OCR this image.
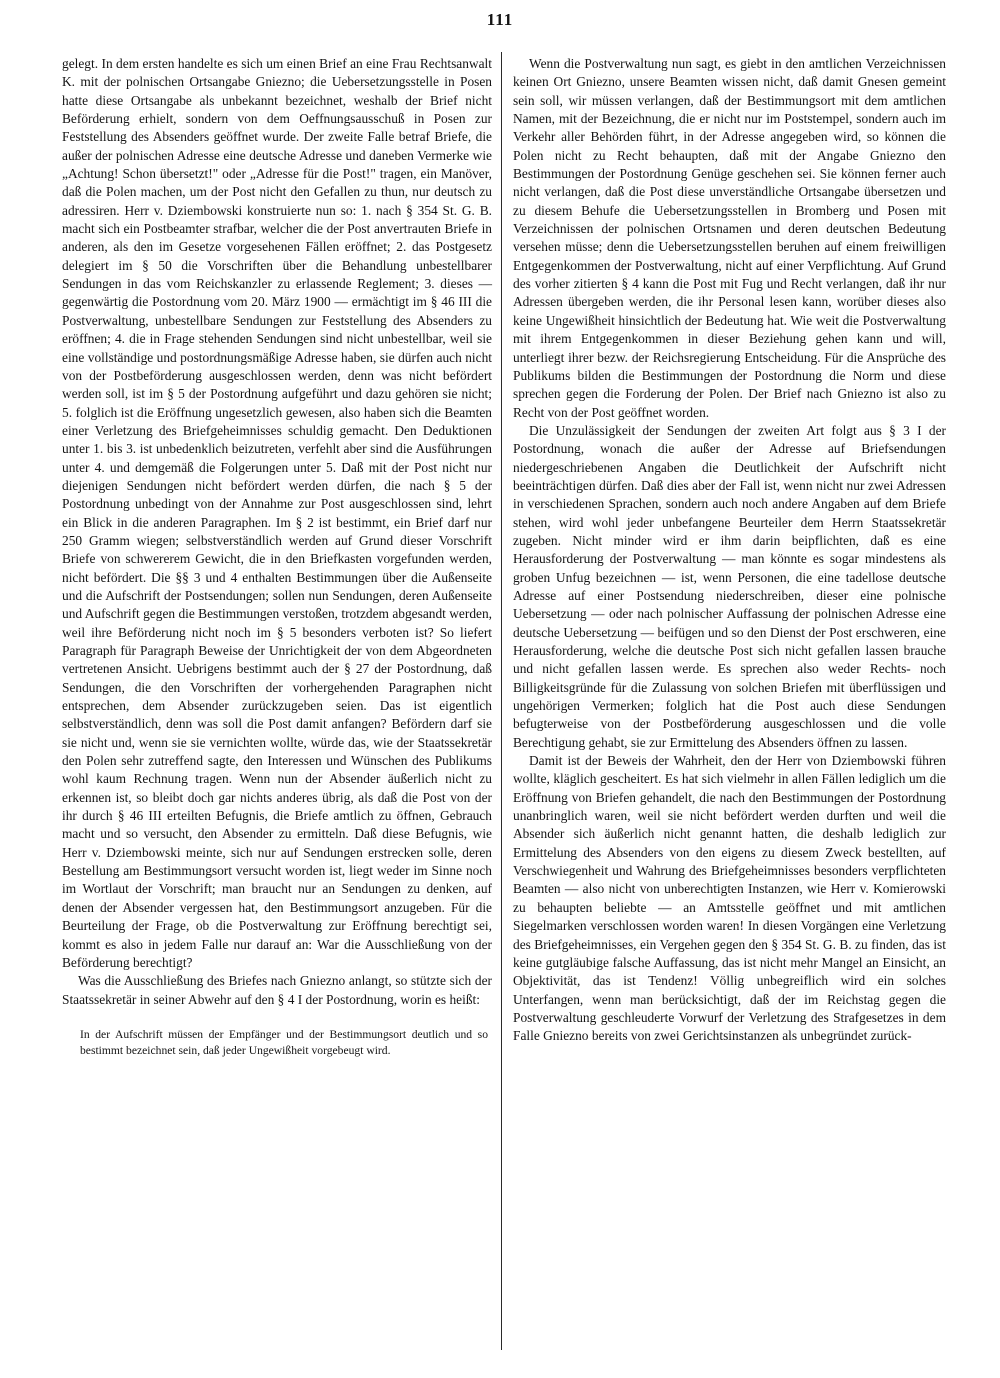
111

gelegt. In dem ersten handelte es sich um einen Brief an eine Frau Rechtsanwalt K. mit der polnischen Ortsangabe Gniezno; die Uebersetzungsstelle in Posen hatte diese Ortsangabe als unbekannt bezeichnet, weshalb der Brief nicht Beförderung erhielt, sondern von dem Oeffnungsausschuß in Posen zur Feststellung des Absenders geöffnet wurde. Der zweite Falle betraf Briefe, die außer der polnischen Adresse eine deutsche Adresse und daneben Vermerke wie „Achtung! Schon übersetzt!" oder „Adresse für die Post!" tragen, ein Manöver, daß die Polen machen, um der Post nicht den Gefallen zu thun, nur deutsch zu adressiren. Herr v. Dziembowski konstruierte nun so: 1. nach § 354 St. G. B. macht sich ein Postbeamter strafbar, welcher die der Post anvertrauten Briefe in anderen, als den im Gesetze vorgesehenen Fällen eröffnet; 2. das Postgesetz delegiert im § 50 die Vorschriften über die Behandlung unbestellbarer Sendungen in das vom Reichskanzler zu erlassende Reglement; 3. dieses — gegenwärtig die Postordnung vom 20. März 1900 — ermächtigt im § 46 III die Postverwaltung, unbestellbare Sendungen zur Feststellung des Absenders zu eröffnen; 4. die in Frage stehenden Sendungen sind nicht unbestellbar, weil sie eine vollständige und postordnungsmäßige Adresse haben, sie dürfen auch nicht von der Postbeförderung ausgeschlossen werden, denn was nicht befördert werden soll, ist im § 5 der Postordnung aufgeführt und dazu gehören sie nicht; 5. folglich ist die Eröffnung ungesetzlich gewesen, also haben sich die Beamten einer Verletzung des Briefgeheimnisses schuldig gemacht. Den Deduktionen unter 1. bis 3. ist unbedenklich beizutreten, verfehlt aber sind die Ausführungen unter 4. und demgemäß die Folgerungen unter 5. Daß mit der Post nicht nur diejenigen Sendungen nicht befördert werden dürfen, die nach § 5 der Postordnung unbedingt von der Annahme zur Post ausgeschlossen sind, lehrt ein Blick in die anderen Paragraphen. Im § 2 ist bestimmt, ein Brief darf nur 250 Gramm wiegen; selbstverständlich werden auf Grund dieser Vorschrift Briefe von schwererem Gewicht, die in den Briefkasten vorgefunden werden, nicht befördert. Die §§ 3 und 4 enthalten Bestimmungen über die Außenseite und die Aufschrift der Postsendungen; sollen nun Sendungen, deren Außenseite und Aufschrift gegen die Bestimmungen verstoßen, trotzdem abgesandt werden, weil ihre Beförderung nicht noch im § 5 besonders verboten ist? So liefert Paragraph für Paragraph Beweise der Unrichtigkeit der von dem Abgeordneten vertretenen Ansicht. Uebrigens bestimmt auch der § 27 der Postordnung, daß Sendungen, die den Vorschriften der vorhergehenden Paragraphen nicht entsprechen, dem Absender zurückzugeben seien. Das ist eigentlich selbstverständlich, denn was soll die Post damit anfangen? Befördern darf sie sie nicht und, wenn sie sie vernichten wollte, würde das, wie der Staatssekretär den Polen sehr zutreffend sagte, den Interessen und Wünschen des Publikums wohl kaum Rechnung tragen. Wenn nun der Absender äußerlich nicht zu erkennen ist, so bleibt doch gar nichts anderes übrig, als daß die Post von der ihr durch § 46 III erteilten Befugnis, die Briefe amtlich zu öffnen, Gebrauch macht und so versucht, den Absender zu ermitteln. Daß diese Befugnis, wie Herr v. Dziembowski meinte, sich nur auf Sendungen erstrecken solle, deren Bestellung am Bestimmungsort versucht worden ist, liegt weder im Sinne noch im Wortlaut der Vorschrift; man braucht nur an Sendungen zu denken, auf denen der Absender vergessen hat, den Bestimmungsort anzugeben. Für die Beurteilung der Frage, ob die Postverwaltung zur Eröffnung berechtigt sei, kommt es also in jedem Falle nur darauf an: War die Ausschließung von der Beförderung berechtigt?

Was die Ausschließung des Briefes nach Gniezno anlangt, so stützte sich der Staatssekretär in seiner Abwehr auf den § 4 I der Postordnung, worin es heißt:

In der Aufschrift müssen der Empfänger und der Bestimmungsort deutlich und so bestimmt bezeichnet sein, daß jeder Ungewißheit vorgebeugt wird.

Wenn die Postverwaltung nun sagt, es giebt in den amtlichen Verzeichnissen keinen Ort Gniezno, unsere Beamten wissen nicht, daß damit Gnesen gemeint sein soll, wir müssen verlangen, daß der Bestimmungsort mit dem amtlichen Namen, mit der Bezeichnung, die er nicht nur im Poststempel, sondern auch im Verkehr aller Behörden führt, in der Adresse angegeben wird, so können die Polen nicht zu Recht behaupten, daß mit der Angabe Gniezno den Bestimmungen der Postordnung Genüge geschehen sei. Sie können ferner auch nicht verlangen, daß die Post diese unverständliche Ortsangabe übersetzen und zu diesem Behufe die Uebersetzungsstellen in Bromberg und Posen mit Verzeichnissen der polnischen Ortsnamen und deren deutschen Bedeutung versehen müsse; denn die Uebersetzungsstellen beruhen auf einem freiwilligen Entgegenkommen der Postverwaltung, nicht auf einer Verpflichtung. Auf Grund des vorher zitierten § 4 kann die Post mit Fug und Recht verlangen, daß ihr nur Adressen übergeben werden, die ihr Personal lesen kann, worüber dieses also keine Ungewißheit hinsichtlich der Bedeutung hat. Wie weit die Postverwaltung mit ihrem Entgegenkommen in dieser Beziehung gehen kann und will, unterliegt ihrer bezw. der Reichsregierung Entscheidung. Für die Ansprüche des Publikums bilden die Bestimmungen der Postordnung die Norm und diese sprechen gegen die Forderung der Polen. Der Brief nach Gniezno ist also zu Recht von der Post geöffnet worden.

Die Unzulässigkeit der Sendungen der zweiten Art folgt aus § 3 I der Postordnung, wonach die außer der Adresse auf Briefsendungen niedergeschriebenen Angaben die Deutlichkeit der Aufschrift nicht beeinträchtigen dürfen. Daß dies aber der Fall ist, wenn nicht nur zwei Adressen in verschiedenen Sprachen, sondern auch noch andere Angaben auf dem Briefe stehen, wird wohl jeder unbefangene Beurteiler dem Herrn Staatssekretär zugeben. Nicht minder wird er ihm darin beipflichten, daß es eine Herausforderung der Postverwaltung — man könnte es sogar mindestens als groben Unfug bezeichnen — ist, wenn Personen, die eine tadellose deutsche Adresse auf einer Postsendung niederschreiben, dieser eine polnische Uebersetzung — oder nach polnischer Auffassung der polnischen Adresse eine deutsche Uebersetzung — beifügen und so den Dienst der Post erschweren, eine Herausforderung, welche die deutsche Post sich nicht gefallen lassen brauche und nicht gefallen lassen werde. Es sprechen also weder Rechts- noch Billigkeitsgründe für die Zulassung von solchen Briefen mit überflüssigen und ungehörigen Vermerken; folglich hat die Post auch diese Sendungen befugterweise von der Postbeförderung ausgeschlossen und die volle Berechtigung gehabt, sie zur Ermittelung des Absenders öffnen zu lassen.

Damit ist der Beweis der Wahrheit, den der Herr von Dziembowski führen wollte, kläglich gescheitert. Es hat sich vielmehr in allen Fällen lediglich um die Eröffnung von Briefen gehandelt, die nach den Bestimmungen der Postordnung unanbringlich waren, weil sie nicht befördert werden durften und weil die Absender sich äußerlich nicht genannt hatten, die deshalb lediglich zur Ermittelung des Absenders von den eigens zu diesem Zweck bestellten, auf Verschwiegenheit und Wahrung des Briefgeheimnisses besonders verpflichteten Beamten — also nicht von unberechtigten Instanzen, wie Herr v. Komierowski zu behaupten beliebte — an Amtsstelle geöffnet und mit amtlichen Siegelmarken verschlossen worden waren! In diesen Vorgängen eine Verletzung des Briefgeheimnisses, ein Vergehen gegen den § 354 St. G. B. zu finden, das ist keine gutgläubige falsche Auffassung, das ist nicht mehr Mangel an Einsicht, an Objektivität, das ist Tendenz! Völlig unbegreiflich wird ein solches Unterfangen, wenn man berücksichtigt, daß der im Reichstag gegen die Postverwaltung geschleuderte Vorwurf der Verletzung des Strafgesetzes in dem Falle Gniezno bereits von zwei Gerichtsinstanzen als unbegründet zurück-
